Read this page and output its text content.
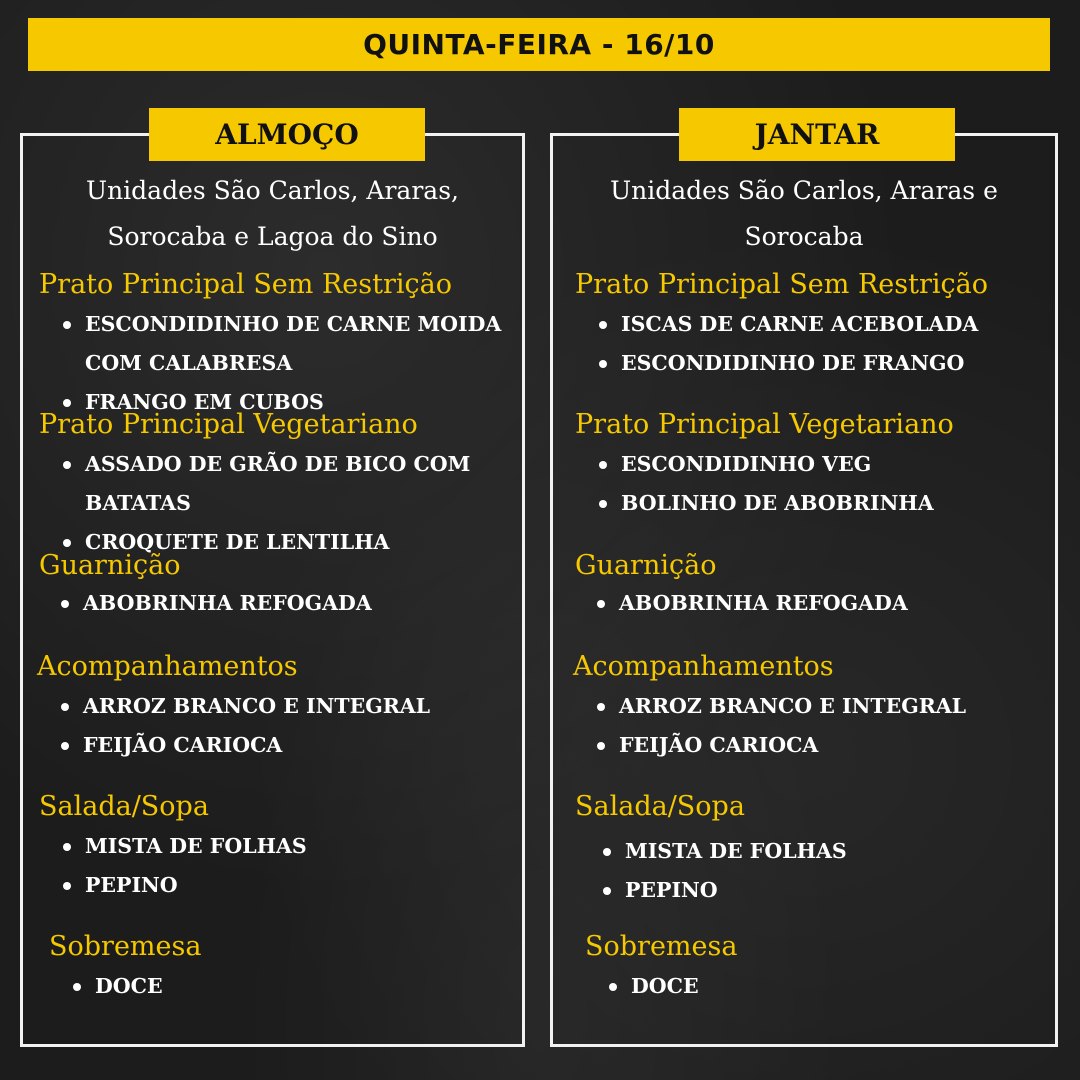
QUINTA-FEIRA - 16/10
ALMOÇO
Unidades São Carlos, Araras,
Sorocaba e Lagoa do Sino
Prato Principal Sem Restrição
ESCONDIDINHO DE CARNE MOIDA
COM CALABRESA
FRANGO EM CUBOS
Prato Principal Vegetariano
ASSADO DE GRÃO DE BICO COM
BATATAS
CROQUETE DE LENTILHA
Guarnição
ABOBRINHA REFOGADA
Acompanhamentos
ARROZ BRANCO E INTEGRAL
FEIJÃO CARIOCA
Salada/Sopa
MISTA DE FOLHAS
PEPINO
Sobremesa
DOCE
JANTAR
Unidades São Carlos, Araras e
Sorocaba
Prato Principal Sem Restrição
ISCAS DE CARNE ACEBOLADA
ESCONDIDINHO DE FRANGO
Prato Principal Vegetariano
ESCONDIDINHO VEG
BOLINHO DE ABOBRINHA
Guarnição
ABOBRINHA REFOGADA
Acompanhamentos
ARROZ BRANCO E INTEGRAL
FEIJÃO CARIOCA
Salada/Sopa
MISTA DE FOLHAS
PEPINO
Sobremesa
DOCE
